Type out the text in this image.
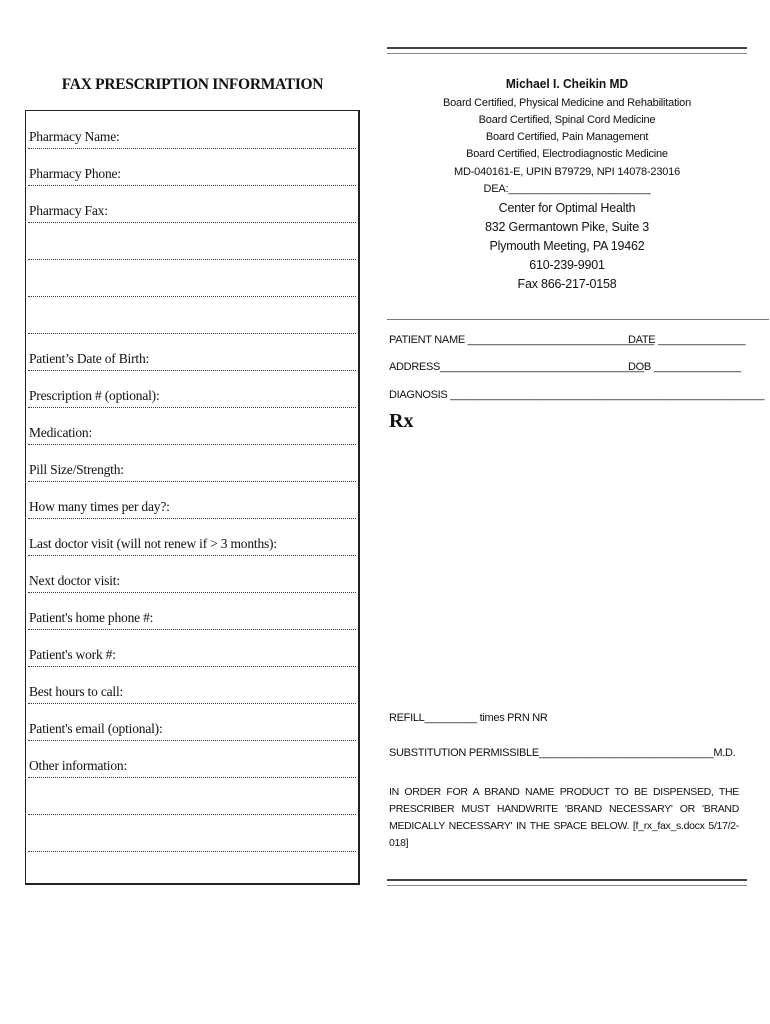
FAX PRESCRIPTION INFORMATION
Pharmacy Name:
Pharmacy Phone:
Pharmacy Fax:
Patient’s Date of Birth:
Prescription # (optional):
Medication:
Pill Size/Strength:
How many times per day?:
Last doctor visit (will not renew if > 3 months):
Next doctor visit:
Patient's home phone #:
Patient's work #:
Best hours to call:
Patient's email (optional):
Other information:
Michael I. Cheikin MD
Board Certified, Physical Medicine and Rehabilitation
Board Certified, Spinal Cord Medicine
Board Certified, Pain Management
Board Certified, Electrodiagnostic Medicine
MD-040161-E, UPIN B79729, NPI 14078-23016
DEA:________________________
Center for Optimal Health
832 Germantown Pike, Suite 3
Plymouth Meeting, PA 19462
610-239-9901
Fax 866-217-0158
PATIENT NAME ________________________________
DATE _______________
ADDRESS___________________________________
DOB _______________
DIAGNOSIS ______________________________________________________
Rx
REFILL_________ times PRN NR
SUBSTITUTION PERMISSIBLE______________________________M.D.
IN ORDER FOR A BRAND NAME PRODUCT TO BE DISPENSED, THE PRESCRIBER MUST HANDWRITE 'BRAND NECESSARY' OR 'BRAND MEDICALLY NECESSARY' IN THE SPACE BELOW. [f_rx_fax_s.docx 5/17/2-018]
